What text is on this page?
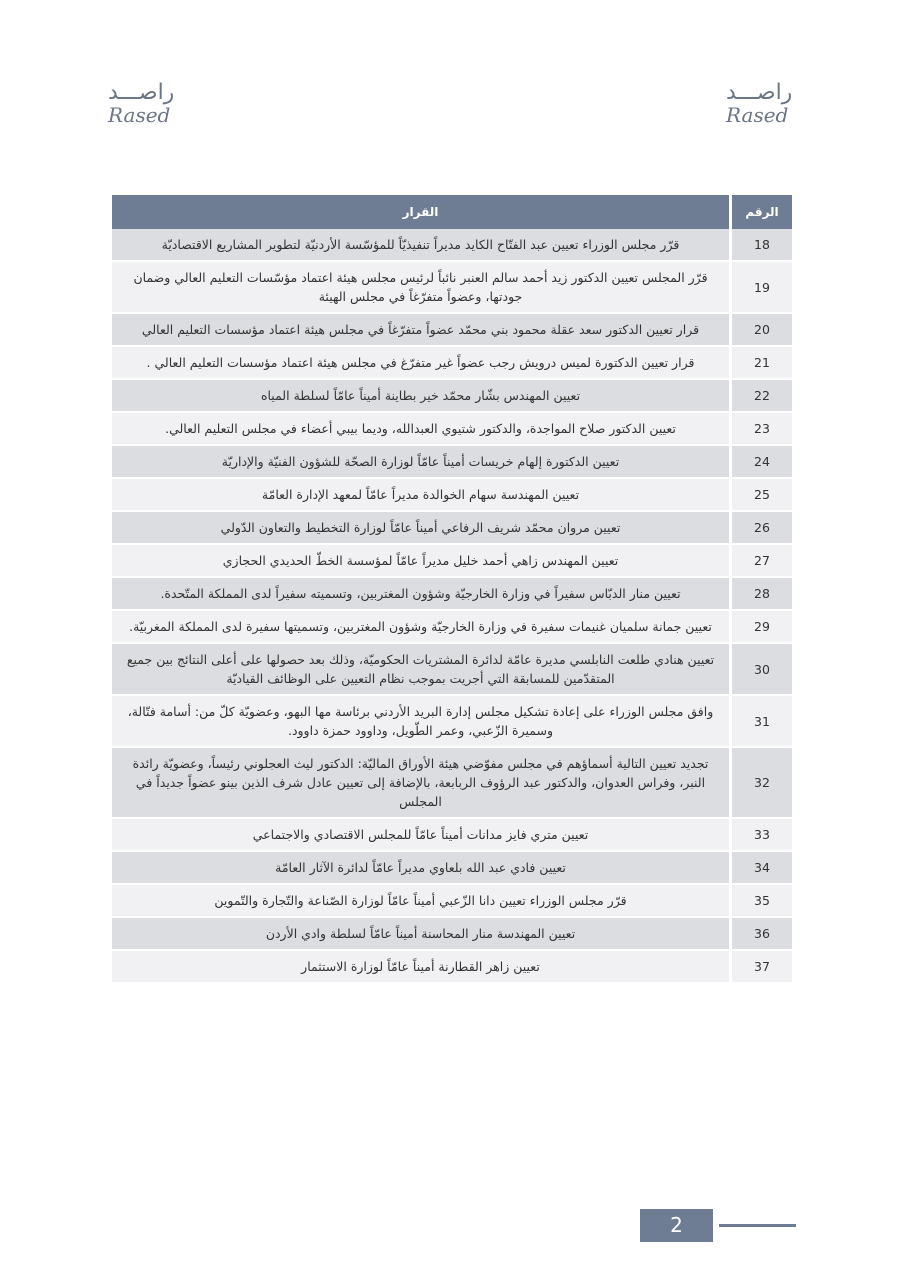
راصـــد
Rased
راصـــد
Rased
الرقم	القرار
18	قرّر مجلس الوزراء تعيين عبد الفتّاح الكايد مديراً تنفيذيّاً للمؤسّسة الأردنيّة لتطوير المشاريع الاقتصاديّة
19	قرّر المجلس تعيين الدكتور زيد أحمد سالم العنبر نائباً لرئيس مجلس هيئة اعتماد مؤسّسات التعليم العالي وضمان جودتها، وعضواً متفرّغاً في مجلس الهيئة
20	قرار تعيين الدكتور سعد عقلة محمود بني محمّد عضواً متفرّغاً في مجلس هيئة اعتماد مؤسسات التعليم العالي
21	قرار تعيين الدكتورة لميس درويش رجب عضواً غير متفرّغ في مجلس هيئة اعتماد مؤسسات التعليم العالي .
22	تعيين المهندس بشّار محمّد خير بطاينة أميناً عامّاً لسلطة المياه
23	تعيين الدكتور صلاح المواجدة، والدكتور شتيوي العبدالله، وديما بيبي أعضاء في مجلس التعليم العالي.
24	تعيين الدكتورة إلهام خريسات أميناً عامّاً لوزارة الصحّة للشؤون الفنيّة والإداريّة
25	تعيين المهندسة سهام الخوالدة مديراً عامّاً لمعهد الإدارة العامّة
26	تعيين مروان محمّد شريف الرفاعي أميناً عامّاً لوزارة التخطيط والتعاون الدّولي
27	تعيين المهندس زاهي أحمد خليل مديراً عامّاً لمؤسسة الخطّ الحديدي الحجازي
28	تعيين منار الدبّاس سفيراً في وزارة الخارجيّة وشؤون المغتربين، وتسميته سفيراً لدى المملكة المتّحدة.
29	تعيين جمانة سلميان غنيمات سفيرة في وزارة الخارجيّة وشؤون المغتربين، وتسميتها سفيرة لدى المملكة المغربيّة.
30	تعيين هنادي طلعت النابلسي مديرة عامّة لدائرة المشتريات الحكوميّة، وذلك بعد حصولها على أعلى النتائج بين جميع المتقدّمين للمسابقة التي أجريت بموجب نظام التعيين على الوظائف القياديّة
31	وافق مجلس الوزراء على إعادة تشكيل مجلس إدارة البريد الأردني برئاسة مها البهو، وعضويّة كلّ من: أسامة فتّالة، وسميرة الزّعبي، وعمر الطّويل، وداوود حمزة داوود.
32	تجديد تعيين التالية أسماؤهم في مجلس مفوّضي هيئة الأوراق الماليّة: الدكتور ليث العجلوني رئيساً، وعضويّة رائدة النبر، وفراس العدوان، والدكتور عبد الرؤوف الربابعة، بالإضافة إلى تعيين عادل شرف الذين بينو عضواً جديداً في المجلس
33	تعيين متري فايز مدانات أميناً عامّاً للمجلس الاقتصادي والاجتماعي
34	تعيين فادي عبد الله بلعاوي مديراً عامّاً لدائرة الآثار العامّة
35	قرّر مجلس الوزراء تعيين دانا الزّعبي أميناً عامّاً لوزارة الصّناعة والتّجارة والتّموين
36	تعيين المهندسة منار المحاسنة أميناً عامّاً لسلطة وادي الأردن
37	تعيين زاهر القطارنة أميناً عامّاً لوزارة الاستثمار
2
